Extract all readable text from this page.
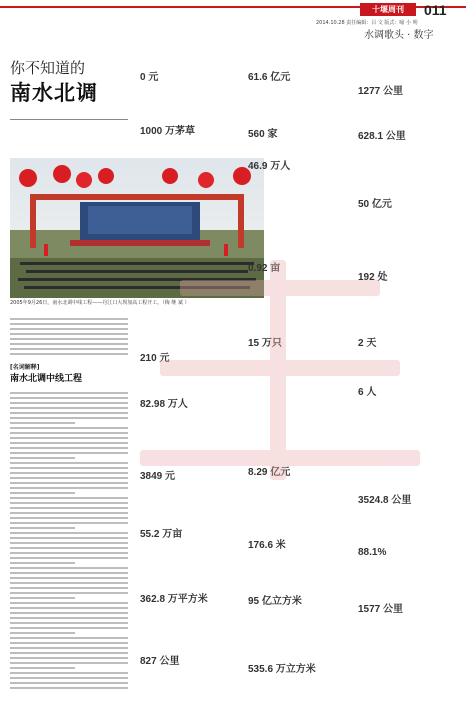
十堰周刊	011
2014.10.28 责任编辑：吕 文 版式：喻 小 明
水调歌头 · 数字
你不知道的
南水北调
2005年9月26日，南水北调中线工程——丹江口大坝加高工程开工。（梅 继 斌 ）
[名词解释]
南水北调中线工程
0 元
1000 万茅草
210 元
82.98 万人
3849 元
55.2 万亩
362.8 万平方米
827 公里
61.6 亿元
560 家
46.9 万人
0.92 亩
15 万只
8.29 亿元
176.6 米
95 亿立方米
535.6 万立方米
1277 公里
628.1 公里
50 亿元
192 处
2 天
6 人
3524.8 公里
88.1%
1577 公里
